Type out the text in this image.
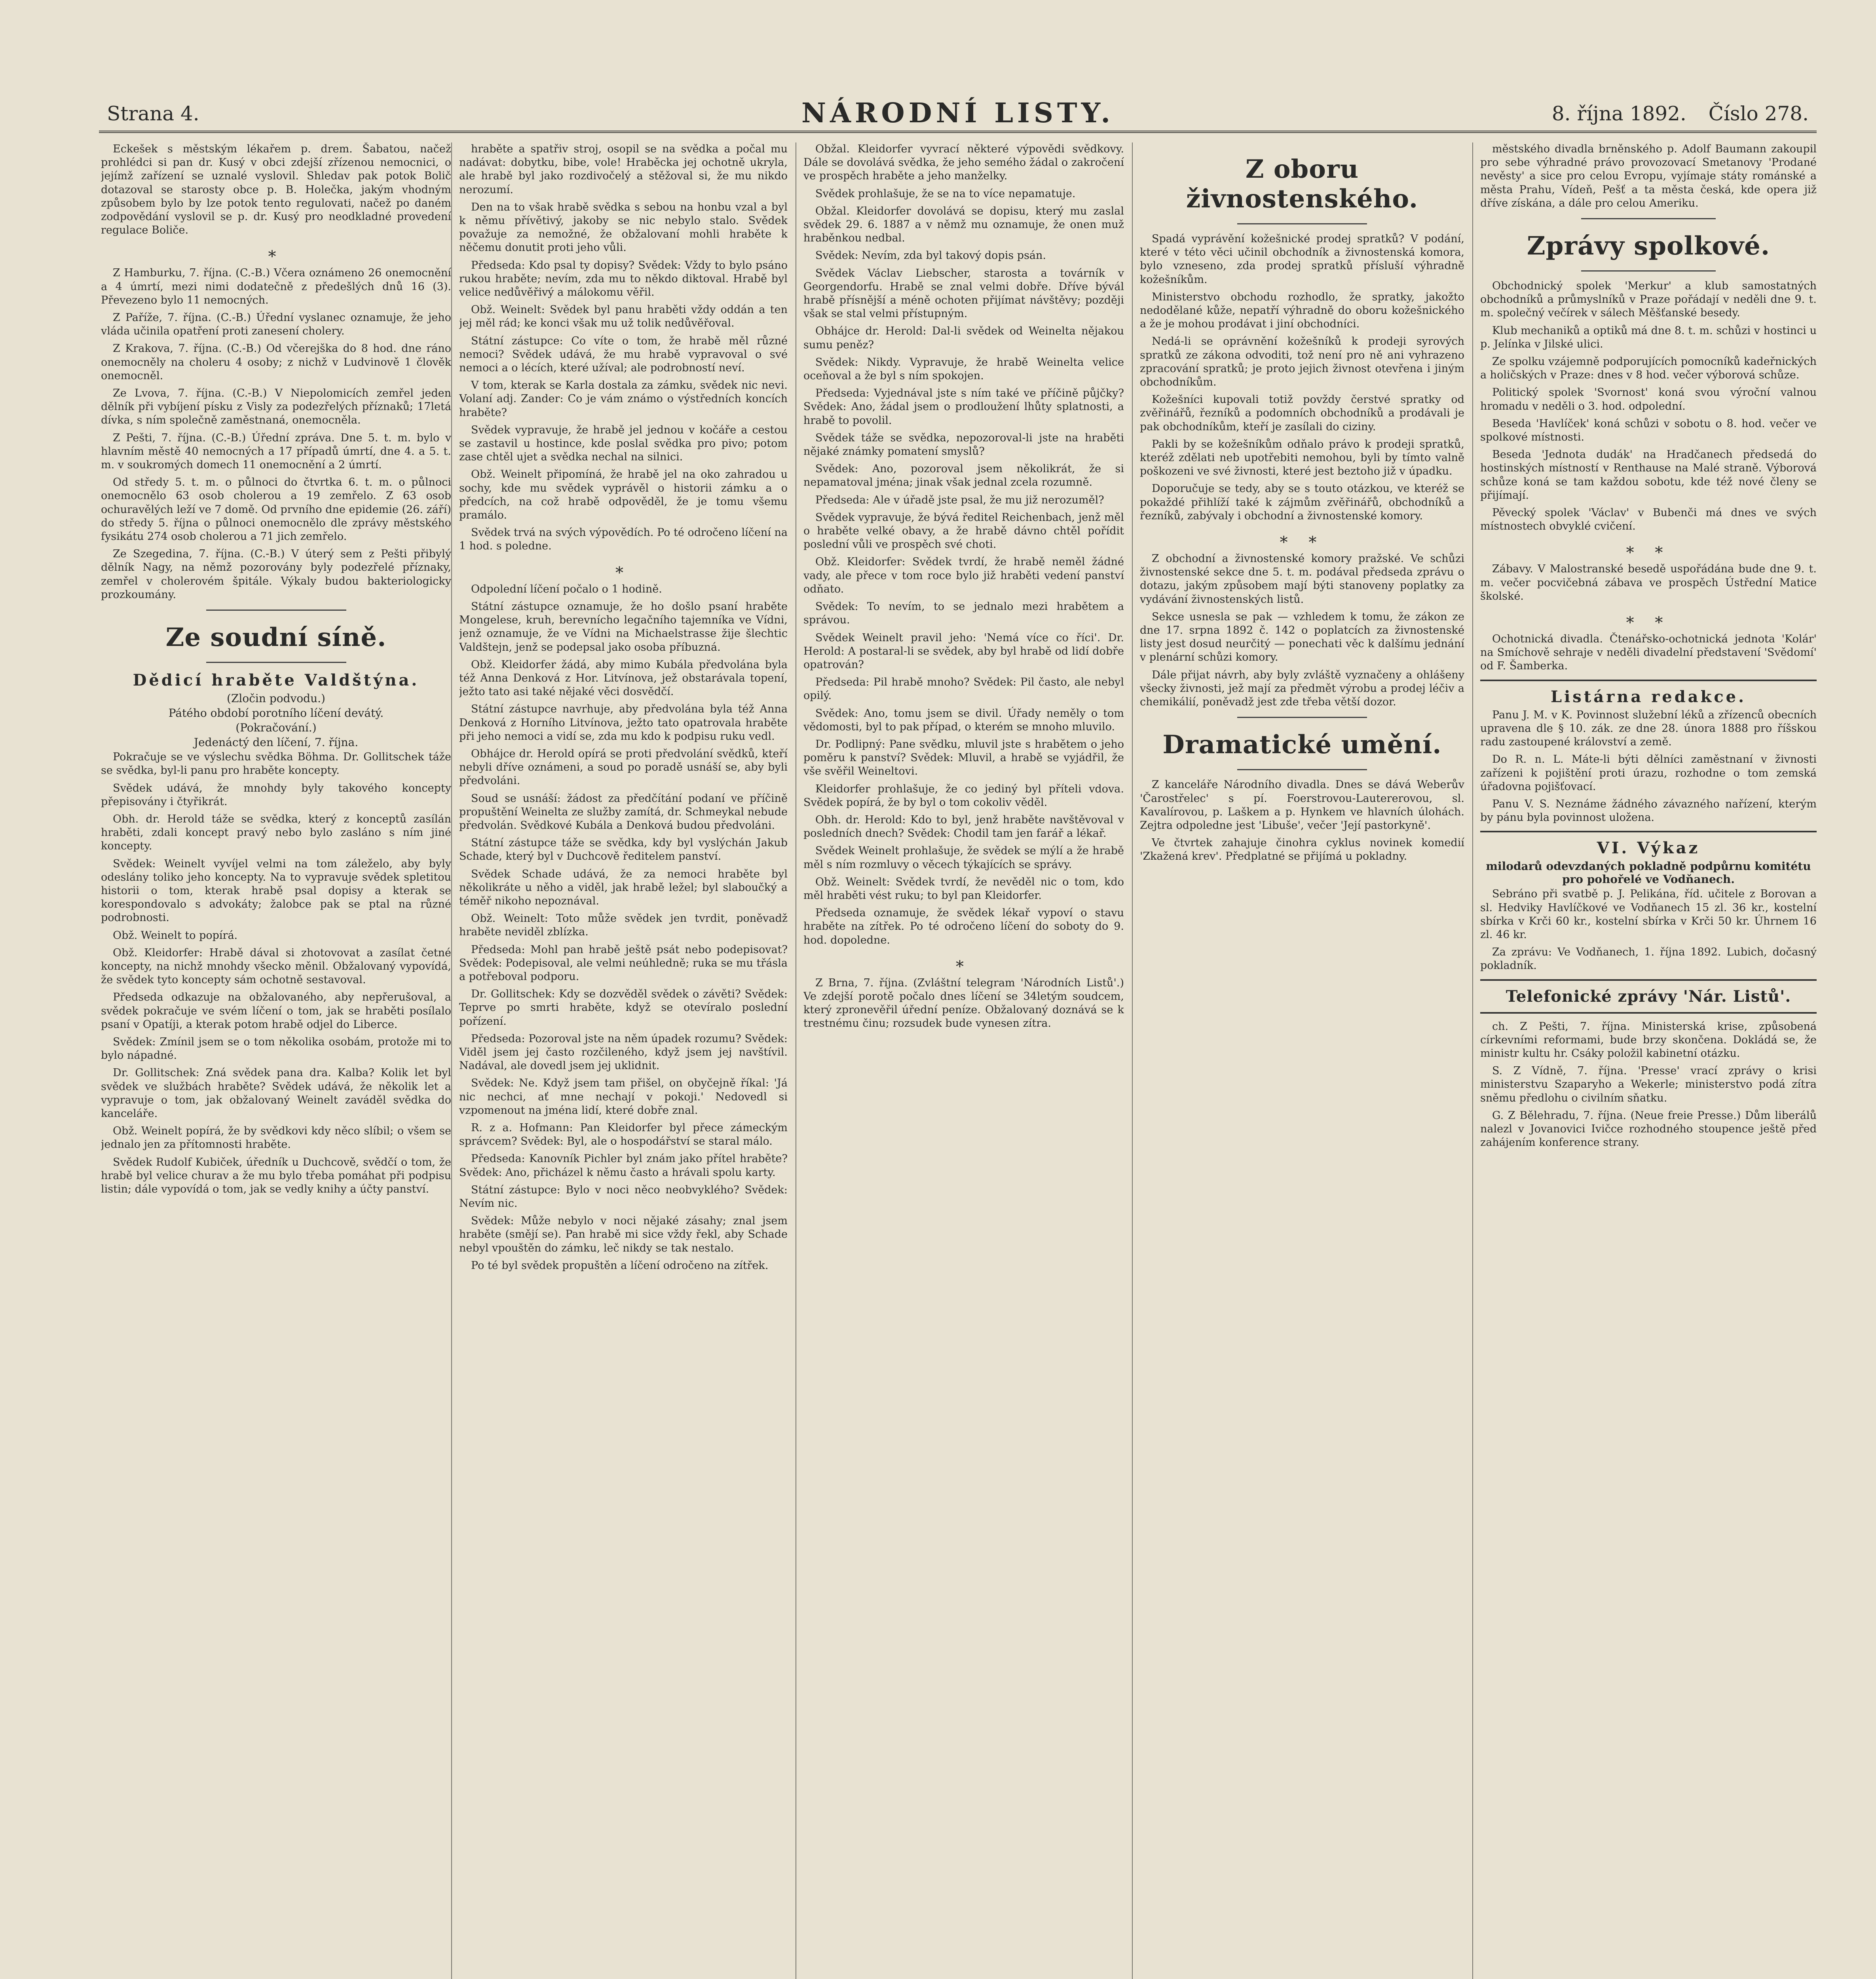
Strana 4.	NÁRODNÍ LISTY.	8. října 1892. Číslo 278.

Eckešek s městským lékařem p. drem. Šabatou, načež prohlédci si pan dr. Kusý v obci zdejší zřízenou nemocnici, o jejímž zařízení se uznalé vyslovil. Shledav pak potok Bolič dotazoval se starosty obce p. B. Holečka, jakým vhodným způsobem bylo by lze potok tento regulovati, načež po daném zodpovědání vyslovil se p. dr. Kusý pro neodkladné provedení regulace Boliče.

⁎

Z Hamburku, 7. října. (C.-B.) Včera oznámeno 26 onemocnění a 4 úmrtí, mezi nimi dodatečně z předešlých dnů 16 (3). Převezeno bylo 11 nemocných.

Z Paříže, 7. října. (C.-B.) Úřední vyslanec oznamuje, že jeho vláda učinila opatření proti zanesení cholery.

Z Krakova, 7. října. (C.-B.) Od včerejška do 8 hod. dne ráno onemocněly na choleru 4 osoby; z nichž v Ludvinově 1 člověk onemocněl.

Ze Lvova, 7. října. (C.-B.) V Niepolomicích zemřel jeden dělník při vybíjení písku z Visly za podezřelých příznaků; 17letá dívka, s ním společně zaměstnaná, onemocněla.

Z Pešti, 7. října. (C.-B.) Úřední zpráva. Dne 5. t. m. bylo v hlavním městě 40 nemocných a 17 případů úmrtí, dne 4. a 5. t. m. v soukromých domech 11 onemocnění a 2 úmrtí.

Od středy 5. t. m. o půlnoci do čtvrtka 6. t. m. o půlnoci onemocnělo 63 osob cholerou a 19 zemřelo. Z 63 osob ochuravělých leží ve 7 domě. Od prvního dne epidemie (26. září) do středy 5. října o půlnoci onemocnělo dle zprávy městského fysikátu 274 osob cholerou a 71 jich zemřelo.

Ze Szegedina, 7. října. (C.-B.) V úterý sem z Pešti přibylý dělník Nagy, na němž pozorovány byly podezřelé příznaky, zemřel v cholerovém špitále. Výkaly budou bakteriologicky prozkoumány.

Ze soudní síně.
Dědicí hraběte Valdštýna.
(Zločin podvodu.)
Pátého období porotního líčení devátý.
(Pokračování.)
Jedenáctý den líčení, 7. října.

Pokračuje se ve výslechu svědka Böhma. Dr. Gollitschek táže se svědka, byl-li panu pro hraběte koncepty.

Svědek udává, že mnohdy byly takového koncepty přepisovány i čtyřikrát.

Obh. dr. Herold táže se svědka, který z konceptů zasílán hraběti, zdali koncept pravý nebo bylo zasláno s ním jiné koncepty.

Svědek: Weinelt vyvíjel velmi na tom záleželo, aby byly odeslány toliko jeho koncepty. Na to vypravuje svědek spletitou historii o tom, kterak hrabě psal dopisy a kterak se korespondovalo s advokáty; žalobce pak se ptal na různé podrobnosti.

Obž. Weinelt to popírá.

Obž. Kleidorfer: Hrabě dával si zhotovovat a zasílat četné koncepty, na nichž mnohdy všecko měnil. Obžalovaný vypovídá, že svědek tyto koncepty sám ochotně sestavoval.

Předseda odkazuje na obžalovaného, aby nepřerušoval, a svědek pokračuje ve svém líčení o tom, jak se hraběti posílalo psaní v Opatíji, a kterak potom hrabě odjel do Liberce.

Svědek: Zmínil jsem se o tom několika osobám, protože mi to bylo nápadné.

Dr. Gollitschek: Zná svědek pana dra. Kalba? Kolik let byl svědek ve službách hraběte? Svědek udává, že několik let a vypravuje o tom, jak obžalovaný Weinelt zaváděl svědka do kanceláře.

Obž. Weinelt popírá, že by svědkovi kdy něco slíbil; o všem se jednalo jen za přítomnosti hraběte.

Svědek Rudolf Kubiček, úředník u Duchcově, svědčí o tom, že hrabě byl velice churav a že mu bylo třeba pomáhat při podpisu listin; dále vypovídá o tom, jak se vedly knihy a účty panství.

hraběte a spatřiv stroj, osopil se na svědka a počal mu nadávat: dobytku, bibe, vole! Hraběcka jej ochotně ukryla, ale hrabě byl jako rozdivočelý a stěžoval si, že mu nikdo nerozumí.

Den na to však hrabě svědka s sebou na honbu vzal a byl k němu přívětivý, jakoby se nic nebylo stalo. Svědek považuje za nemožné, že obžalovaní mohli hraběte k něčemu donutit proti jeho vůli.

Předseda: Kdo psal ty dopisy? Svědek: Vždy to bylo psáno rukou hraběte; nevím, zda mu to někdo diktoval. Hrabě byl velice nedůvěřivý a málokomu věřil.

Obž. Weinelt: Svědek byl panu hraběti vždy oddán a ten jej měl rád; ke konci však mu už tolik nedůvěřoval.

Státní zástupce: Co víte o tom, že hrabě měl různé nemoci? Svědek udává, že mu hrabě vypravoval o své nemoci a o lécích, které užíval; ale podrobností neví.

V tom, kterak se Karla dostala za zámku, svědek nic nevi. Volaní adj. Zander: Co je vám známo o výstředních koncích hraběte?

Svědek vypravuje, že hrabě jel jednou v kočáře a cestou se zastavil u hostince, kde poslal svědka pro pivo; potom zase chtěl ujet a svědka nechal na silnici.

Obž. Weinelt připomíná, že hrabě jel na oko zahradou u sochy, kde mu svědek vyprávěl o historii zámku a o předcích, na což hrabě odpověděl, že je tomu všemu pramálo.

Svědek trvá na svých výpovědích. Po té odročeno líčení na 1 hod. s poledne.

⁎

Odpolední líčení počalo o 1 hodině.

Státní zástupce oznamuje, že ho došlo psaní hraběte Mongelese, kruh, berevnícho legačního tajemníka ve Vídni, jenž oznamuje, že ve Vídni na Michaelstrasse žije šlechtic Valdštejn, jenž se podepsal jako osoba příbuzná.

Obž. Kleidorfer žádá, aby mimo Kubála předvolána byla též Anna Denková z Hor. Litvínova, jež obstarávala topení, ježto tato asi také nějaké věci dosvědčí.

Státní zástupce navrhuje, aby předvolána byla též Anna Denková z Horního Litvínova, ježto tato opatrovala hraběte při jeho nemoci a vidí se, zda mu kdo k podpisu ruku vedl.

Obhájce dr. Herold opírá se proti předvolání svědků, kteří nebyli dříve oznámeni, a soud po poradě usnáší se, aby byli předvoláni.

Soud se usnáší: žádost za předčítání podaní ve příčině propuštění Weinelta ze služby zamítá, dr. Schmeykal nebude předvolán. Svědkové Kubála a Denková budou předvoláni.

Státní zástupce táže se svědka, kdy byl vyslýchán Jakub Schade, který byl v Duchcově ředitelem panství.

Svědek Schade udává, že za nemoci hraběte byl několikráte u něho a viděl, jak hrabě ležel; byl slaboučký a téměř nikoho nepoznával.

Obž. Weinelt: Toto může svědek jen tvrdit, poněvadž hraběte neviděl zblízka.

Předseda: Mohl pan hrabě ještě psát nebo podepisovat? Svědek: Podepisoval, ale velmi neúhledně; ruka se mu třásla a potřeboval podporu.

Dr. Gollitschek: Kdy se dozvěděl svědek o závěti? Svědek: Teprve po smrti hraběte, když se otevíralo poslední pořízení.

Předseda: Pozoroval jste na něm úpadek rozumu? Svědek: Viděl jsem jej často rozčileného, když jsem jej navštívil. Nadával, ale dovedl jsem jej uklidnit.

Svědek: Ne. Když jsem tam přišel, on obyčejně říkal: 'Já nic nechci, ať mne nechají v pokoji.' Nedovedl si vzpomenout na jména lidí, které dobře znal.

R. z a. Hofmann: Pan Kleidorfer byl přece zámeckým správcem? Svědek: Byl, ale o hospodářství se staral málo.

Předseda: Kanovník Pichler byl znám jako přítel hraběte? Svědek: Ano, přicházel k němu často a hrávali spolu karty.

Státní zástupce: Bylo v noci něco neobvyklého? Svědek: Nevím nic.

Svědek: Může nebylo v noci nějaké zásahy; znal jsem hraběte (smějí se). Pan hrabě mi sice vždy řekl, aby Schade nebyl vpouštěn do zámku, leč nikdy se tak nestalo.

Po té byl svědek propuštěn a líčení odročeno na zítřek.

Obžal. Kleidorfer vyvrací některé výpovědi svědkovy. Dále se dovolává svědka, že jeho semého žádal o zakročení ve prospěch hraběte a jeho manželky.

Svědek prohlašuje, že se na to více nepamatuje.

Obžal. Kleidorfer dovolává se dopisu, který mu zaslal svědek 29. 6. 1887 a v němž mu oznamuje, že onen muž hraběnkou nedbal.

Svědek: Nevím, zda byl takový dopis psán.

Svědek Václav Liebscher, starosta a továrník v Georgendorfu. Hrabě se znal velmi dobře. Dříve bývál hrabě přísnější a méně ochoten přijímat návštěvy; později však se stal velmi přístupným.

Obhájce dr. Herold: Dal-li svědek od Weinelta nějakou sumu peněz?

Svědek: Nikdy. Vypravuje, že hrabě Weinelta velice oceňoval a že byl s ním spokojen.

Předseda: Vyjednával jste s ním také ve příčině půjčky? Svědek: Ano, žádal jsem o prodloužení lhůty splatnosti, a hrabě to povolil.

Svědek táže se svědka, nepozoroval-li jste na hraběti nějaké známky pomatení smyslů?

Svědek: Ano, pozoroval jsem několikrát, že si nepamatoval jména; jinak však jednal zcela rozumně.

Předseda: Ale v úřadě jste psal, že mu již nerozuměl?

Svědek vypravuje, že bývá ředitel Reichenbach, jenž měl o hraběte velké obavy, a že hrabě dávno chtěl pořídit poslední vůli ve prospěch své choti.

Obž. Kleidorfer: Svědek tvrdí, že hrabě neměl žádné vady, ale přece v tom roce bylo již hraběti vedení panství odňato.

Svědek: To nevím, to se jednalo mezi hrabětem a správou.

Svědek Weinelt pravil jeho: 'Nemá více co říci'. Dr. Herold: A postaral-li se svědek, aby byl hrabě od lidí dobře opatrován?

Předseda: Pil hrabě mnoho? Svědek: Pil často, ale nebyl opilý.

Svědek: Ano, tomu jsem se divil. Úřady neměly o tom vědomosti, byl to pak případ, o kterém se mnoho mluvilo.

Dr. Podlipný: Pane svědku, mluvil jste s hrabětem o jeho poměru k panství? Svědek: Mluvil, a hrabě se vyjádřil, že vše svěřil Weineltovi.

Kleidorfer prohlašuje, že co jediný byl příteli vdova. Svědek popírá, že by byl o tom cokoliv věděl.

Obh. dr. Herold: Kdo to byl, jenž hraběte navštěvoval v posledních dnech? Svědek: Chodil tam jen farář a lékař.

Svědek Weinelt prohlašuje, že svědek se mýlí a že hrabě měl s ním rozmluvy o věcech týkajících se správy.

Obž. Weinelt: Svědek tvrdí, že nevěděl nic o tom, kdo měl hraběti vést ruku; to byl pan Kleidorfer.

Předseda oznamuje, že svědek lékař vypoví o stavu hraběte na zítřek. Po té odročeno líčení do soboty do 9. hod. dopoledne.

⁎

Z Brna, 7. října. (Zvláštní telegram 'Národních Listů'.) Ve zdejší porotě počalo dnes líčení se 34letým soudcem, který zpronevěřil úřední peníze. Obžalovaný doznává se k trestnému činu; rozsudek bude vynesen zítra.

Z oboru živnostenského.

Spadá vyprávění kožešnické prodej spratků? V podání, které v této věci učinil obchodník a živnostenská komora, bylo vzneseno, zda prodej spratků přísluší výhradně kožešníkům.

Ministerstvo obchodu rozhodlo, že spratky, jakožto nedodělané kůže, nepatří výhradně do oboru kožešnického a že je mohou prodávat i jiní obchodníci.

Nedá-li se oprávnění kožešníků k prodeji syrových spratků ze zákona odvoditi, tož není pro ně ani vyhrazeno zpracování spratků; je proto jejich živnost otevřena i jiným obchodníkům.

Kožešníci kupovali totiž povždy čerstvé spratky od zvěřinářů, řezníků a podomních obchodníků a prodávali je pak obchodníkům, kteří je zasílali do ciziny.

Pakli by se kožešníkům odňalo právo k prodeji spratků, kteréž zdělati neb upotřebiti nemohou, byli by tímto valně poškozeni ve své živnosti, které jest beztoho již v úpadku.

Doporučuje se tedy, aby se s touto otázkou, ve kteréž se pokaždé přihlíží také k zájmům zvěřinářů, obchodníků a řezníků, zabývaly i obchodní a živnostenské komory.

⁎ ⁎

Z obchodní a živnostenské komory pražské. Ve schůzi živnostenské sekce dne 5. t. m. podával předseda zprávu o dotazu, jakým způsobem mají býti stanoveny poplatky za vydávání živnostenských listů.

Sekce usnesla se pak — vzhledem k tomu, že zákon ze dne 17. srpna 1892 č. 142 o poplatcích za živnostenské listy jest dosud neurčitý — ponechati věc k dalšímu jednání v plenární schůzi komory.

Dále přijat návrh, aby byly zvláště vyznačeny a ohlášeny všecky živnosti, jež mají za předmět výrobu a prodej léčiv a chemikálií, poněvadž jest zde třeba větší dozor.

Dramatické umění.

Z kanceláře Národního divadla. Dnes se dává Weberův 'Čarostřelec' s pí. Foerstrovou-Lautererovou, sl. Kavalírovou, p. Laškem a p. Hynkem ve hlavních úlohách. Zejtra odpoledne jest 'Libuše', večer 'Její pastorkyně'.

Ve čtvrtek zahajuje činohra cyklus novinek komedií 'Zkažená krev'. Předplatné se přijímá u pokladny.

městského divadla brněnského p. Adolf Baumann zakoupil pro sebe výhradné právo provozovací Smetanovy 'Prodané nevěsty' a sice pro celou Evropu, vyjímaje státy románské a města Prahu, Vídeň, Pešť a ta města česká, kde opera již dříve získána, a dále pro celou Ameriku.

Zprávy spolkové.

Obchodnický spolek 'Merkur' a klub samostatných obchodníků a průmyslníků v Praze pořádají v neděli dne 9. t. m. společný večírek v sálech Měšťanské besedy.

Klub mechaniků a optiků má dne 8. t. m. schůzi v hostinci u p. Jelínka v Jilské ulici.

Ze spolku vzájemně podporujících pomocníků kadeřnických a holičských v Praze: dnes v 8 hod. večer výborová schůze.

Politický spolek 'Svornost' koná svou výroční valnou hromadu v neděli o 3. hod. odpolední.

Beseda 'Havlíček' koná schůzi v sobotu o 8. hod. večer ve spolkové místnosti.

Beseda 'Jednota dudák' na Hradčanech předsedá do hostinských místností v Renthause na Malé straně. Výborová schůze koná se tam každou sobotu, kde též nové členy se přijímají.

Pěvecký spolek 'Václav' v Bubenči má dnes ve svých místnostech obvyklé cvičení.

⁎ ⁎

Zábavy. V Malostranské besedě uspořádána bude dne 9. t. m. večer pocvičebná zábava ve prospěch Ústřední Matice školské.

⁎ ⁎

Ochotnická divadla. Čtenářsko-ochotnická jednota 'Kolár' na Smíchově sehraje v neděli divadelní představení 'Svědomí' od F. Šamberka.

Listárna redakce.

Panu J. M. v K. Povinnost služební léků a zřízenců obecních upravena dle § 10. zák. ze dne 28. února 1888 pro říšskou radu zastoupené království a země.

Do R. n. L. Máte-li býti dělníci zaměstnaní v živnosti zařízeni k pojištění proti úrazu, rozhodne o tom zemská úřadovna pojišťovací.

Panu V. S. Neznáme žádného závazného nařízení, kterým by pánu byla povinnost uložena.

VI. Výkaz
milodarů odevzdaných pokladně podpůrnu komitétu pro pohořelé ve Vodňanech.

Sebráno při svatbě p. J. Pelikána, říd. učitele z Borovan a sl. Hedviky Havlíčkové ve Vodňanech 15 zl. 36 kr., kostelní sbírka v Krči 60 kr., kostelní sbírka v Krči 50 kr. Úhrnem 16 zl. 46 kr.

Za zprávu: Ve Vodňanech, 1. října 1892. Lubich, dočasný pokladník.

Telefonické zprávy 'Nár. Listů'.

ch. Z Pešti, 7. října. Ministerská krise, způsobená církevními reformami, bude brzy skončena. Dokládá se, že ministr kultu hr. Csáky položil kabinetní otázku.

S. Z Vídně, 7. října. 'Presse' vrací zprávy o krisi ministerstvu Szaparyho a Wekerle; ministerstvo podá zítra sněmu předlohu o civilním sňatku.

G. Z Bělehradu, 7. října. (Neue freie Presse.) Dům liberálů nalezl v Jovanovici Ivičce rozhodného stoupence ještě před zahájením konference strany.
